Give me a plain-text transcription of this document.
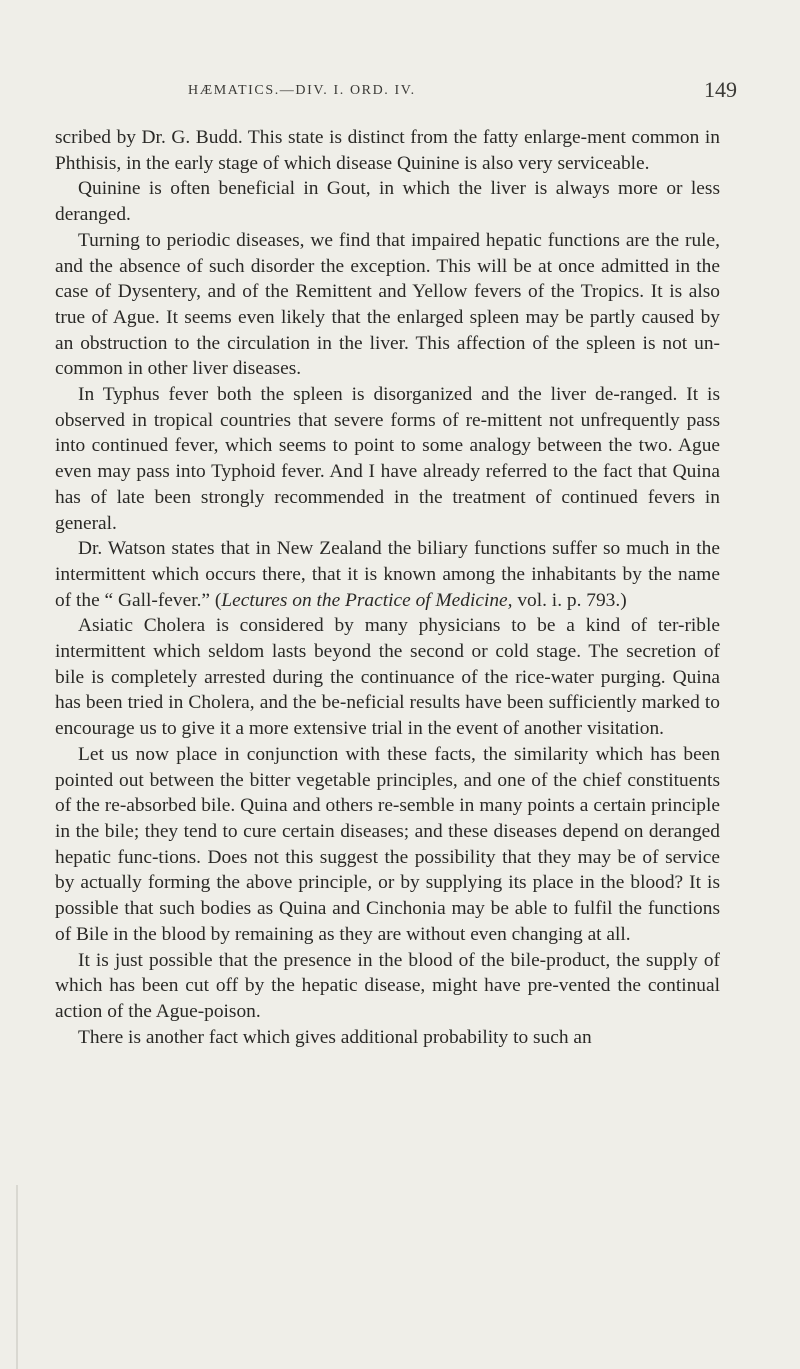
HÆMATICS.—DIV. I. ORD. IV.	149

scribed by Dr. G. Budd. This state is distinct from the fatty enlarge-ment common in Phthisis, in the early stage of which disease Quinine is also very serviceable.

Quinine is often beneficial in Gout, in which the liver is always more or less deranged.

Turning to periodic diseases, we find that impaired hepatic functions are the rule, and the absence of such disorder the exception. This will be at once admitted in the case of Dysentery, and of the Remittent and Yellow fevers of the Tropics. It is also true of Ague. It seems even likely that the enlarged spleen may be partly caused by an obstruction to the circulation in the liver. This affection of the spleen is not un-common in other liver diseases.

In Typhus fever both the spleen is disorganized and the liver de-ranged. It is observed in tropical countries that severe forms of re-mittent not unfrequently pass into continued fever, which seems to point to some analogy between the two. Ague even may pass into Typhoid fever. And I have already referred to the fact that Quina has of late been strongly recommended in the treatment of continued fevers in general.

Dr. Watson states that in New Zealand the biliary functions suffer so much in the intermittent which occurs there, that it is known among the inhabitants by the name of the “ Gall-fever.” (Lectures on the Practice of Medicine, vol. i. p. 793.)

Asiatic Cholera is considered by many physicians to be a kind of ter-rible intermittent which seldom lasts beyond the second or cold stage. The secretion of bile is completely arrested during the continuance of the rice-water purging. Quina has been tried in Cholera, and the be-neficial results have been sufficiently marked to encourage us to give it a more extensive trial in the event of another visitation.

Let us now place in conjunction with these facts, the similarity which has been pointed out between the bitter vegetable principles, and one of the chief constituents of the re-absorbed bile. Quina and others re-semble in many points a certain principle in the bile; they tend to cure certain diseases; and these diseases depend on deranged hepatic func-tions. Does not this suggest the possibility that they may be of service by actually forming the above principle, or by supplying its place in the blood? It is possible that such bodies as Quina and Cinchonia may be able to fulfil the functions of Bile in the blood by remaining as they are without even changing at all.

It is just possible that the presence in the blood of the bile-product, the supply of which has been cut off by the hepatic disease, might have pre-vented the continual action of the Ague-poison.

There is another fact which gives additional probability to such an
